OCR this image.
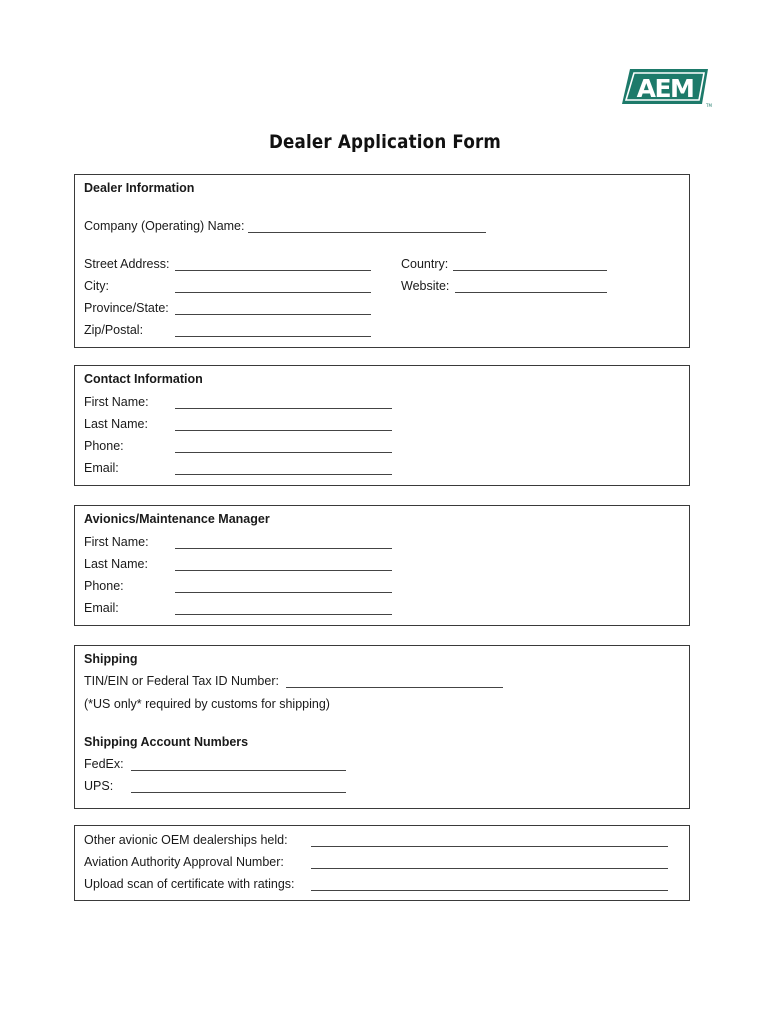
AEM
TM
Dealer Application Form
Dealer Information
Company (Operating) Name:
Street Address:	Country:
City:	Website:
Province/State:
Zip/Postal:
Contact Information
First Name:
Last Name:
Phone:
Email:
Avionics/Maintenance Manager
First Name:
Last Name:
Phone:
Email:
Shipping
TIN/EIN or Federal Tax ID Number:
(*US only* required by customs for shipping)
Shipping Account Numbers
FedEx:
UPS:
Other avionic OEM dealerships held:
Aviation Authority Approval Number:
Upload scan of certificate with ratings:
